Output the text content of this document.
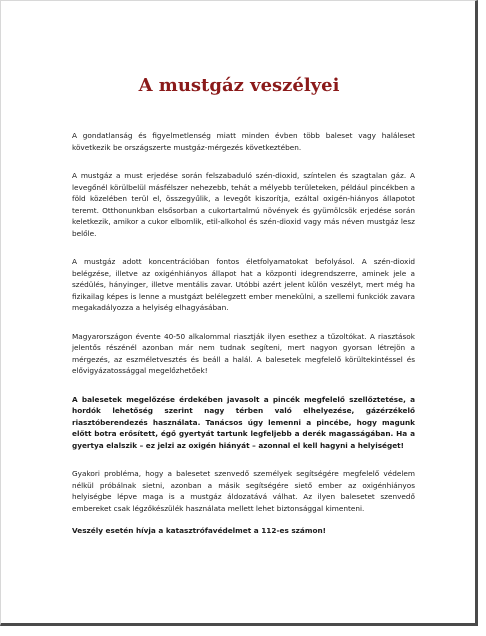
A mustgáz veszélyei

A gondatlanság és figyelmetlenség miatt minden évben több baleset vagy haláleset következik be országszerte mustgáz-mérgezés következtében.

A mustgáz a must erjedése során felszabaduló szén-dioxid, színtelen és szagtalan gáz. A levegőnél körülbelül másfélszer nehezebb, tehát a mélyebb területeken, például pincékben a föld közelében terül el, összegyűlik, a levegőt kiszorítja, ezáltal oxigén-hiányos állapotot teremt. Otthonunkban elsősorban a cukortartalmú növények és gyümölcsök erjedése során keletkezik, amikor a cukor elbomlik, etil-alkohol és szén-dioxid vagy más néven mustgáz lesz belőle.

A mustgáz adott koncentrációban fontos életfolyamatokat befolyásol. A szén-dioxid belégzése, illetve az oxigénhiányos állapot hat a központi idegrendszerre, aminek jele a szédülés, hányinger, illetve mentális zavar. Utóbbi azért jelent külön veszélyt, mert még ha fizikailag képes is lenne a mustgázt belélegzett ember menekülni, a szellemi funkciók zavara megakadályozza a helyiség elhagyásában.

Magyarországon évente 40-50 alkalommal riasztják ilyen esethez a tűzoltókat. A riasztások jelentős részénél azonban már nem tudnak segíteni, mert nagyon gyorsan létrejön a mérgezés, az eszméletvesztés és beáll a halál. A balesetek megfelelő körültekintéssel és elővigyázatossággal megelőzhetőek!

A balesetek megelőzése érdekében javasolt a pincék megfelelő szellőztetése, a hordók lehetőség szerint nagy térben való elhelyezése, gázérzékelő riasztóberendezés használata. Tanácsos úgy lemenni a pincébe, hogy magunk előtt botra erősített, égő gyertyát tartunk legfeljebb a derék magasságában. Ha a gyertya elalszik – ez jelzi az oxigén hiányát – azonnal el kell hagyni a helyiséget!

Gyakori probléma, hogy a balesetet szenvedő személyek segítségére megfelelő védelem nélkül próbálnak sietni, azonban a másik segítségére siető ember az oxigénhiányos helyiségbe lépve maga is a mustgáz áldozatává válhat. Az ilyen balesetet szenvedő embereket csak légzőkészülék használata mellett lehet biztonsággal kimenteni.

Veszély esetén hívja a katasztrófavédelmet a 112-es számon!
